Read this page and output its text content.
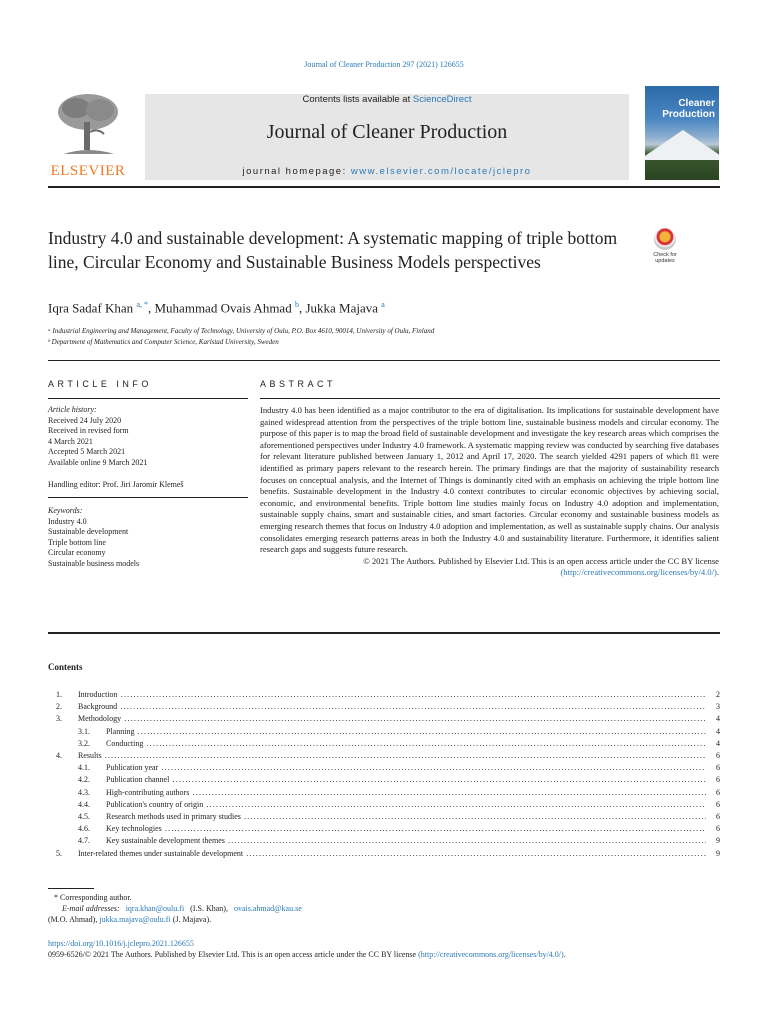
Journal of Cleaner Production 297 (2021) 126655
ELSEVIER
Contents lists available at ScienceDirect
Journal of Cleaner Production
journal homepage: www.elsevier.com/locate/jclepro
Cleaner
Production
Industry 4.0 and sustainable development: A systematic mapping of triple bottom line, Circular Economy and Sustainable Business Models perspectives	Check for
updates
Iqra Sadaf Khan $^{a, *}$, Muhammad Ovais Ahmad $^b$, Jukka Majava $^a$
ᵃ Industrial Engineering and Management, Faculty of Technology, University of Oulu, P.O. Box 4610, 90014, University of Oulu, Finland
ᵇ Department of Mathematics and Computer Science, Karlstad University, Sweden
ARTICLE INFO	ABSTRACT
Article history:
Received 24 July 2020
Received in revised form
4 March 2021
Accepted 5 March 2021
Available online 9 March 2021
Handling editor: Prof. Jiri Jaromir Klemeš
Keywords:
Industry 4.0
Sustainable development
Triple bottom line
Circular economy
Sustainable business models
Industry 4.0 has been identified as a major contributor to the era of digitalisation. Its implications for sustainable development have gained widespread attention from the perspectives of the triple bottom line, sustainable business models and circular economy. The purpose of this paper is to map the broad field of sustainable development and investigate the key research areas which comprises the aforementioned perspectives under Industry 4.0 framework. A systematic mapping review was conducted by searching five databases for relevant literature published between January 1, 2012 and April 17, 2020. The search yielded 4291 papers of which 81 were identified as primary papers relevant to the research herein. The primary findings are that the majority of sustainability research focuses on conceptual analysis, and the Internet of Things is dominantly cited with an emphasis on achieving the triple bottom line benefits. Sustainable development in the Industry 4.0 context contributes to circular economic objectives by achieving social, economic, and environmental benefits. Triple bottom line studies mainly focus on Industry 4.0 adoption and implementation, sustainable supply chains, smart and sustainable cities, and smart factories. Circular economy and sustainable business models as emerging research themes that focus on Industry 4.0 adoption and implementation, as well as sustainable supply chains. Our analysis consolidates emerging research patterns areas in both the Industry 4.0 and sustainability literature. Furthermore, it identifies salient research gaps and suggests future research.
© 2021 The Authors. Published by Elsevier Ltd. This is an open access article under the CC BY license
(http://creativecommons.org/licenses/by/4.0/).
Contents
1.	Introduction .....	2
2.	Background .....	3
3.	Methodology .....	4
3.1.	Planning .....	4
3.2.	Conducting .....	4
4.	Results .....	6
4.1.	Publication year .....	6
4.2.	Publication channel .....	6
4.3.	High-contributing authors .....	6
4.4.	Publication's country of origin .....	6
4.5.	Research methods used in primary studies .....	6
4.6.	Key technologies .....	6
4.7.	Key sustainable development themes .....	9
5.	Inter-related themes under sustainable development .....	9
* Corresponding author.
E-mail addresses: iqra.khan@oulu.fi (I.S. Khan), ovais.ahmad@kau.se
(M.O. Ahmad), jukka.majava@oulu.fi (J. Majava).
https://doi.org/10.1016/j.jclepro.2021.126655
0959-6526/© 2021 The Authors. Published by Elsevier Ltd. This is an open access article under the CC BY license (http://creativecommons.org/licenses/by/4.0/).
